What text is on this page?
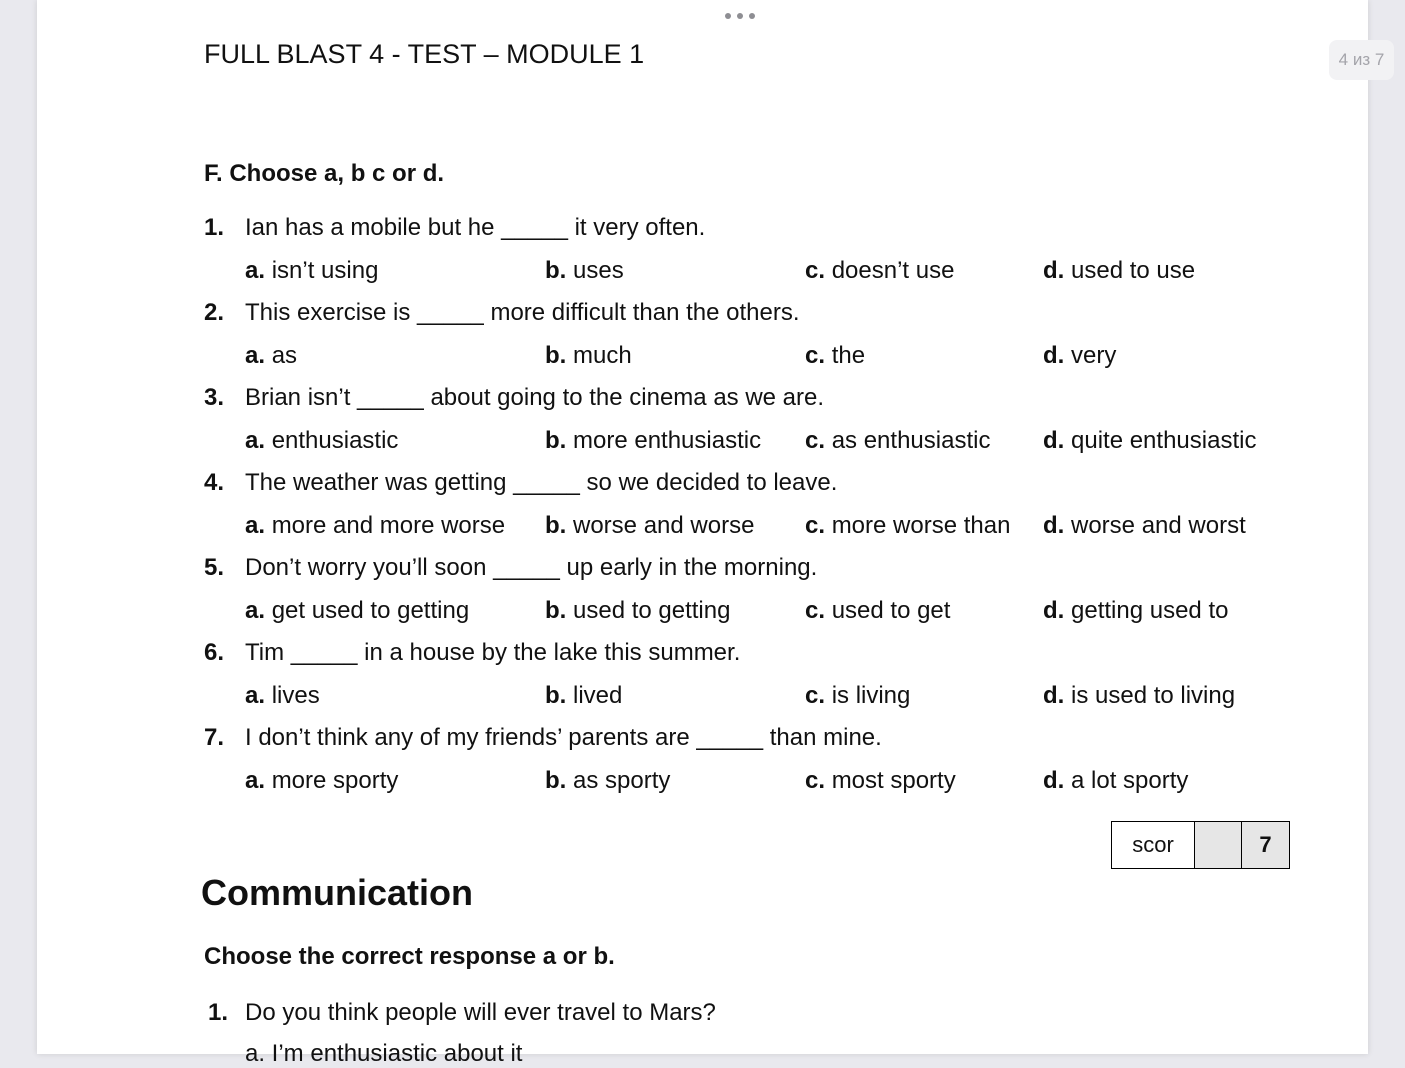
FULL BLAST 4 - TEST – MODULE 1
F. Choose a, b c or d.
1. Ian has a mobile but he _____ it very often.
a. isn’t using	b. uses	c. doesn’t use	d. used to use
2. This exercise is _____ more difficult than the others.
a. as	b. much	c. the	d. very
3. Brian isn’t _____ about going to the cinema as we are.
a. enthusiastic	b. more enthusiastic c. as enthusiastic d. quite enthusiastic
4. The weather was getting _____ so we decided to leave.
a. more and more worse b. worse and worse c. more worse than d. worse and worst
5. Don’t worry you’ll soon _____ up early in the morning.
a. get used to getting	b. used to getting	c. used to get	d. getting used to
6. Tim _____ in a house by the lake this summer.
a. lives	b. lived	c. is living	d. is used to living
7. I don’t think any of my friends’ parents are _____ than mine.
a. more sporty	b. as sporty	c. most sporty	d. a lot sporty
scor	7
Communication
Choose the correct response a or b.
1. Do you think people will ever travel to Mars?
a. I’m enthusiastic about it
4 из 7
